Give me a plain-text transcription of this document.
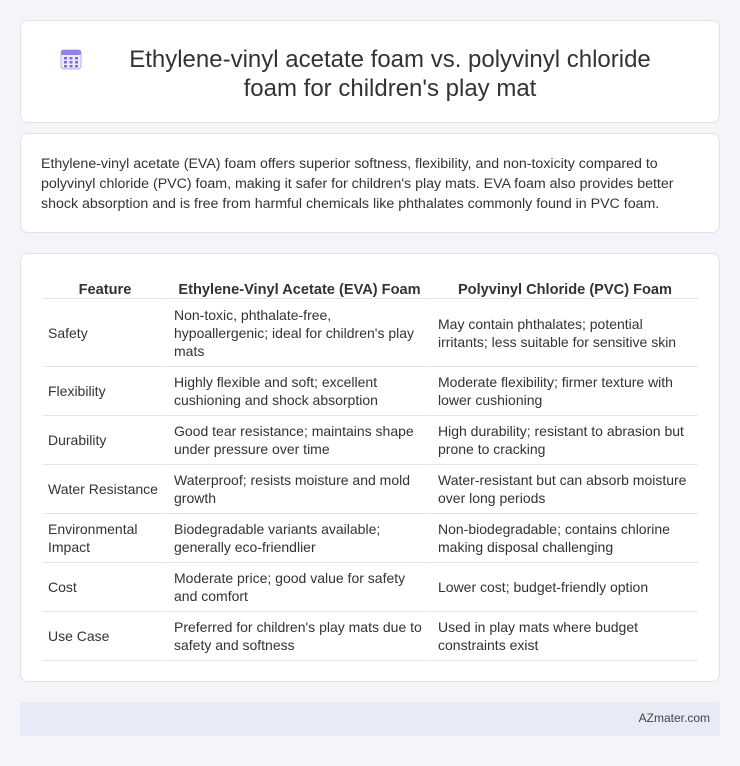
Ethylene-vinyl acetate foam vs. polyvinyl chloride foam for children's play mat

Ethylene-vinyl acetate (EVA) foam offers superior softness, flexibility, and non-toxicity compared to polyvinyl chloride (PVC) foam, making it safer for children's play mats. EVA foam also provides better shock absorption and is free from harmful chemicals like phthalates commonly found in PVC foam.

Feature	Ethylene-Vinyl Acetate (EVA) Foam	Polyvinyl Chloride (PVC) Foam
Safety	Non-toxic, phthalate-free, hypoallergenic; ideal for children's play mats	May contain phthalates; potential irritants; less suitable for sensitive skin
Flexibility	Highly flexible and soft; excellent cushioning and shock absorption	Moderate flexibility; firmer texture with lower cushioning
Durability	Good tear resistance; maintains shape under pressure over time	High durability; resistant to abrasion but prone to cracking
Water Resistance	Waterproof; resists moisture and mold growth	Water-resistant but can absorb moisture over long periods
Environmental Impact	Biodegradable variants available; generally eco-friendlier	Non-biodegradable; contains chlorine making disposal challenging
Cost	Moderate price; good value for safety and comfort	Lower cost; budget-friendly option
Use Case	Preferred for children's play mats due to safety and softness	Used in play mats where budget constraints exist
AZmater.com
